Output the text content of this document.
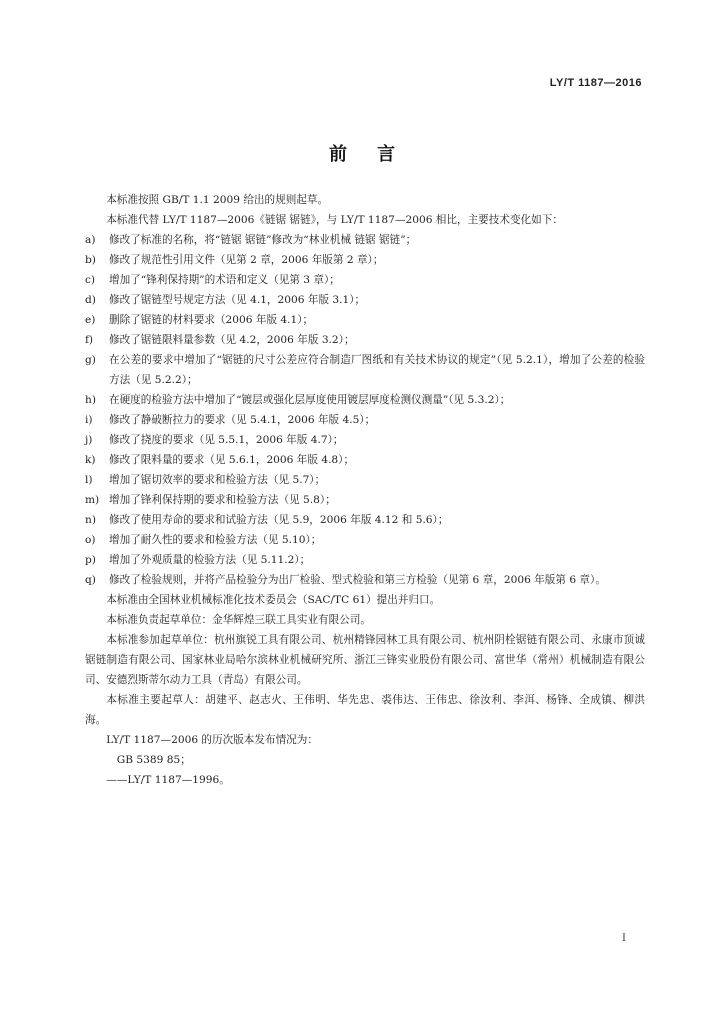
LY/T 1187—2016
前言
本标准按照 GB/T 1.1 2009 给出的规则起草。
本标准代替 LY/T 1187—2006《链锯 锯链》，与 LY/T 1187—2006 相比，主要技术变化如下：
a)	修改了标准的名称，将“链锯 锯链”修改为“林业机械 链锯 锯链”；
b)	修改了规范性引用文件（见第 2 章，2006 年版第 2 章）；
c)	增加了“锋利保持期”的术语和定义（见第 3 章）；
d)	修改了锯链型号规定方法（见 4.1，2006 年版 3.1）；
e)	删除了锯链的材料要求（2006 年版 4.1）；
f)	修改了锯链限料量参数（见 4.2，2006 年版 3.2）；
g)	在公差的要求中增加了“锯链的尺寸公差应符合制造厂图纸和有关技术协议的规定”（见 5.2.1），增加了公差的检验方法（见 5.2.2）；
h)	在硬度的检验方法中增加了“镀层或强化层厚度使用镀层厚度检测仪测量”（见 5.3.2）；
i)	修改了静破断拉力的要求（见 5.4.1，2006 年版 4.5）；
j)	修改了挠度的要求（见 5.5.1，2006 年版 4.7）；
k)	修改了限料量的要求（见 5.6.1，2006 年版 4.8）；
l)	增加了锯切效率的要求和检验方法（见 5.7）；
m) 增加了锋利保持期的要求和检验方法（见 5.8）；
n)	修改了使用寿命的要求和试验方法（见 5.9，2006 年版 4.12 和 5.6）；
o)	增加了耐久性的要求和检验方法（见 5.10）；
p)	增加了外观质量的检验方法（见 5.11.2）；
q)	修改了检验规则，并将产品检验分为出厂检验、型式检验和第三方检验（见第 6 章，2006 年版第 6 章）。
本标准由全国林业机械标准化技术委员会（SAC/TC 61）提出并归口。
本标准负责起草单位：金华辉煌三联工具实业有限公司。
本标准参加起草单位：杭州旗锐工具有限公司、杭州精锋园林工具有限公司、杭州阴栓锯链有限公司、永康市顶诚锯链制造有限公司、国家林业局哈尔滨林业机械研究所、浙江三锋实业股份有限公司、富世华（常州）机械制造有限公司、安德烈斯蒂尔动力工具（青岛）有限公司。
本标准主要起草人：胡建平、赵志火、王伟明、华先忠、裘伟达、王伟忠、徐汝利、李洱、杨锋、全成镇、柳洪海。
LY/T 1187—2006 的历次版本发布情况为：
GB 5389 85；
——LY/T 1187—1996。
I
